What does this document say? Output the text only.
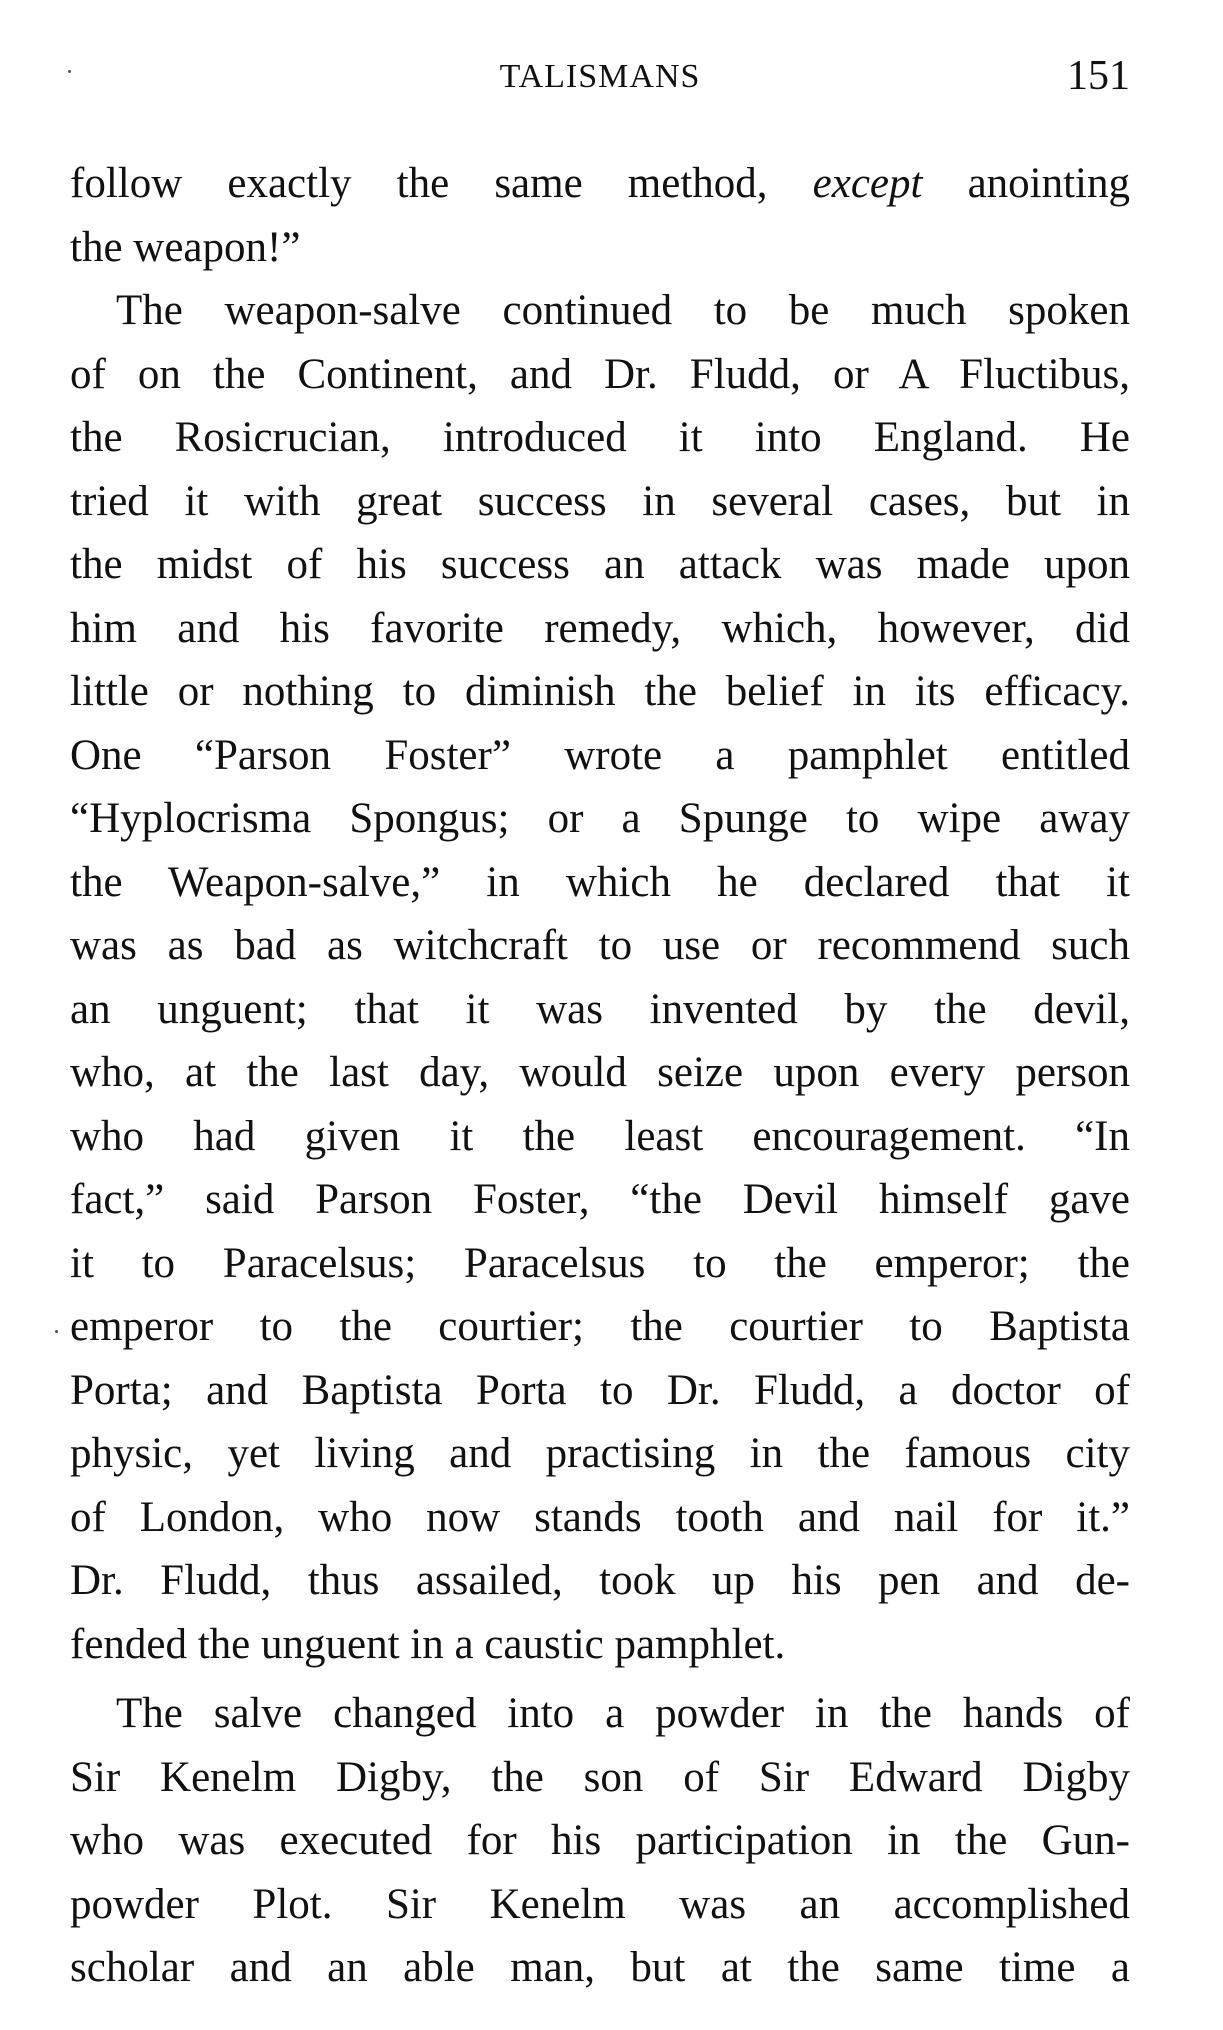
TALISMANS	151
follow exactly the same method, except anointing
the weapon!”
The weapon-salve continued to be much spoken
of on the Continent, and Dr. Fludd, or A Fluctibus,
the Rosicrucian, introduced it into England. He
tried it with great success in several cases, but in
the midst of his success an attack was made upon
him and his favorite remedy, which, however, did
little or nothing to diminish the belief in its efficacy.
One “Parson Foster” wrote a pamphlet entitled
“Hyplocrisma Spongus; or a Spunge to wipe away
the Weapon-salve,” in which he declared that it
was as bad as witchcraft to use or recommend such
an unguent; that it was invented by the devil,
who, at the last day, would seize upon every person
who had given it the least encouragement. “In
fact,” said Parson Foster, “the Devil himself gave
it to Paracelsus; Paracelsus to the emperor; the
emperor to the courtier; the courtier to Baptista
Porta; and Baptista Porta to Dr. Fludd, a doctor of
physic, yet living and practising in the famous city
of London, who now stands tooth and nail for it.”
Dr. Fludd, thus assailed, took up his pen and de-
fended the unguent in a caustic pamphlet.
The salve changed into a powder in the hands of
Sir Kenelm Digby, the son of Sir Edward Digby
who was executed for his participation in the Gun-
powder Plot. Sir Kenelm was an accomplished
scholar and an able man, but at the same time a
